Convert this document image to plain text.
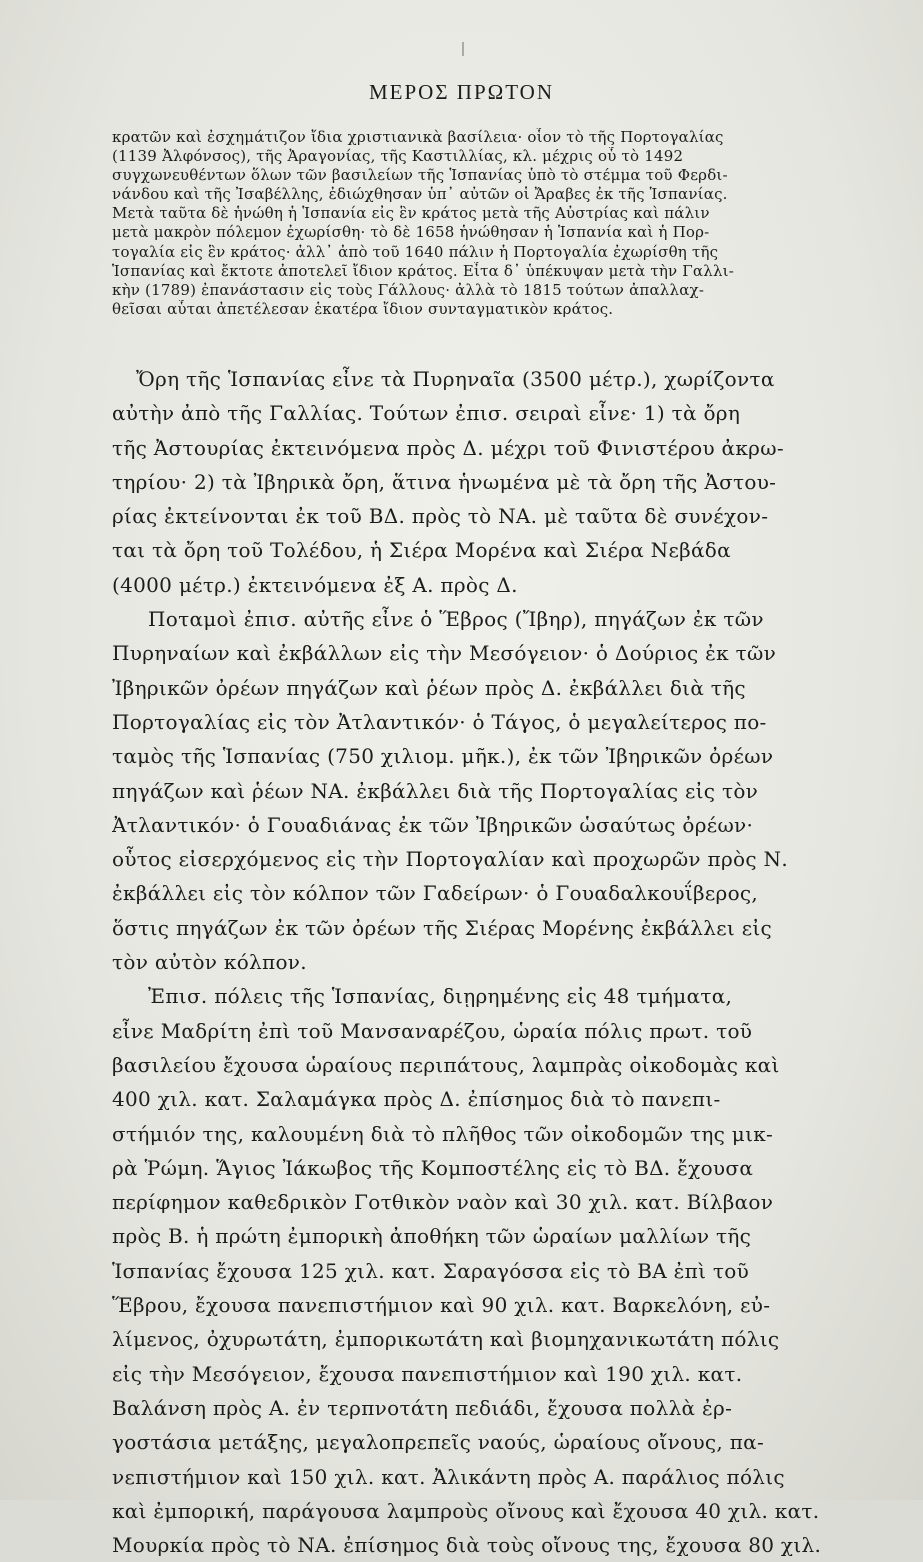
ΜΕΡΟΣ ΠΡΩΤΟΝ
κρατῶν καὶ ἐσχημάτιζον ἴδια χριστιανικὰ βασίλεια· οἷον τὸ τῆς Πορτογαλίας
(1139 Ἀλφόνσος), τῆς Ἀραγονίας, τῆς Καστιλλίας, κλ. μέχρις οὗ τὸ 1492
συγχωνευθέντων ὅλων τῶν βασιλείων τῆς Ἱσπανίας ὑπὸ τὸ στέμμα τοῦ Φερδι-
νάνδου καὶ τῆς Ἰσαβέλλης, ἐδιώχθησαν ὑπ᾽ αὐτῶν οἱ Ἄραβες ἐκ τῆς Ἱσπανίας.
Μετὰ ταῦτα δὲ ἡνώθη ἡ Ἱσπανία εἰς ἓν κράτος μετὰ τῆς Αὐστρίας καὶ πάλιν
μετὰ μακρὸν πόλεμον ἐχωρίσθη· τὸ δὲ 1658 ἡνώθησαν ἡ Ἱσπανία καὶ ἡ Πορ-
τογαλία εἰς ἓν κράτος· ἀλλ᾽ ἀπὸ τοῦ 1640 πάλιν ἡ Πορτογαλία ἐχωρίσθη τῆς
Ἱσπανίας καὶ ἔκτοτε ἀποτελεῖ ἴδιον κράτος. Εἶτα δ᾽ ὑπέκυψαν μετὰ τὴν Γαλλι-
κὴν (1789) ἐπανάστασιν εἰς τοὺς Γάλλους· ἀλλὰ τὸ 1815 τούτων ἀπαλλαχ-
θεῖσαι αὗται ἀπετέλεσαν ἑκατέρα ἴδιον συνταγματικὸν κράτος.
Ὄρη τῆς Ἱσπανίας εἶνε τὰ Πυρηναῖα (3500 μέτρ.), χωρίζοντα
αὐτὴν ἀπὸ τῆς Γαλλίας. Τούτων ἐπισ. σειραὶ εἶνε· 1) τὰ ὄρη
τῆς Ἀστουρίας ἐκτεινόμενα πρὸς Δ. μέχρι τοῦ Φινιστέρου ἀκρω-
τηρίου· 2) τὰ Ἰβηρικὰ ὄρη, ἅτινα ἡνωμένα μὲ τὰ ὄρη τῆς Ἀστου-
ρίας ἐκτείνονται ἐκ τοῦ ΒΔ. πρὸς τὸ ΝΑ. μὲ ταῦτα δὲ συνέχον-
ται τὰ ὄρη τοῦ Τολέδου, ἡ Σιέρα Μορένα καὶ Σιέρα Νεβάδα
(4000 μέτρ.) ἐκτεινόμενα ἐξ Α. πρὸς Δ.
Ποταμοὶ ἐπισ. αὐτῆς εἶνε ὁ Ἕβρος (Ἴβηρ), πηγάζων ἐκ τῶν
Πυρηναίων καὶ ἐκβάλλων εἰς τὴν Μεσόγειον· ὁ Δούριος ἐκ τῶν
Ἰβηρικῶν ὀρέων πηγάζων καὶ ῥέων πρὸς Δ. ἐκβάλλει διὰ τῆς
Πορτογαλίας εἰς τὸν Ἀτλαντικόν· ὁ Τάγος, ὁ μεγαλείτερος πο-
ταμὸς τῆς Ἱσπανίας (750 χιλιομ. μῆκ.), ἐκ τῶν Ἰβηρικῶν ὀρέων
πηγάζων καὶ ῥέων ΝΑ. ἐκβάλλει διὰ τῆς Πορτογαλίας εἰς τὸν
Ἀτλαντικόν· ὁ Γουαδιάνας ἐκ τῶν Ἰβηρικῶν ὡσαύτως ὀρέων·
οὗτος εἰσερχόμενος εἰς τὴν Πορτογαλίαν καὶ προχωρῶν πρὸς Ν.
ἐκβάλλει εἰς τὸν κόλπον τῶν Γαδείρων· ὁ Γουαδαλκουΐβερος,
ὅστις πηγάζων ἐκ τῶν ὀρέων τῆς Σιέρας Μορένης ἐκβάλλει εἰς
τὸν αὐτὸν κόλπον.
Ἐπισ. πόλεις τῆς Ἱσπανίας, διῃρημένης εἰς 48 τμήματα,
εἶνε Μαδρίτη ἐπὶ τοῦ Μανσαναρέζου, ὡραία πόλις πρωτ. τοῦ
βασιλείου ἔχουσα ὡραίους περιπάτους, λαμπρὰς οἰκοδομὰς καὶ
400 χιλ. κατ. Σαλαμάγκα πρὸς Δ. ἐπίσημος διὰ τὸ πανεπι-
στήμιόν της, καλουμένη διὰ τὸ πλῆθος τῶν οἰκοδομῶν της μικ-
ρὰ Ῥώμη. Ἅγιος Ἰάκωβος τῆς Κομποστέλης εἰς τὸ ΒΔ. ἔχουσα
περίφημον καθεδρικὸν Γοτθικὸν ναὸν καὶ 30 χιλ. κατ. Βίλβαον
πρὸς Β. ἡ πρώτη ἐμπορικὴ ἀποθήκη τῶν ὡραίων μαλλίων τῆς
Ἱσπανίας ἔχουσα 125 χιλ. κατ. Σαραγόσσα εἰς τὸ ΒΑ ἐπὶ τοῦ
Ἕβρου, ἔχουσα πανεπιστήμιον καὶ 90 χιλ. κατ. Βαρκελόνη, εὐ-
λίμενος, ὀχυρωτάτη, ἐμπορικωτάτη καὶ βιομηχανικωτάτη πόλις
εἰς τὴν Μεσόγειον, ἔχουσα πανεπιστήμιον καὶ 190 χιλ. κατ.
Βαλάνση πρὸς Α. ἐν τερπνοτάτη πεδιάδι, ἔχουσα πολλὰ ἐρ-
γοστάσια μετάξης, μεγαλοπρεπεῖς ναούς, ὡραίους οἴνους, πα-
νεπιστήμιον καὶ 150 χιλ. κατ. Ἀλικάντη πρὸς Α. παράλιος πόλις
καὶ ἐμπορική, παράγουσα λαμπροὺς οἴνους καὶ ἔχουσα 40 χιλ. κατ.
Μουρκία πρὸς τὸ ΝΑ. ἐπίσημος διὰ τοὺς οἴνους της, ἔχουσα 80 χιλ.
